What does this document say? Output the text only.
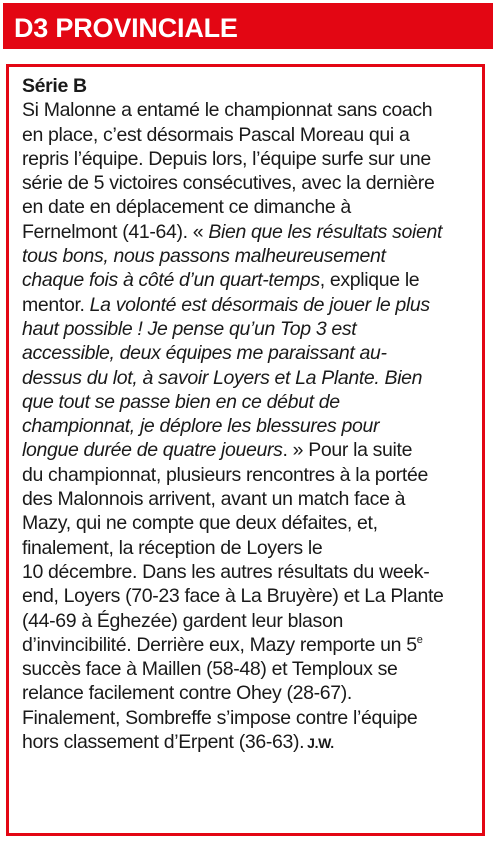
D3 PROVINCIALE
Série B
Si Malonne a entamé le championnat sans coach
en place, c’est désormais Pascal Moreau qui a
repris l’équipe. Depuis lors, l’équipe surfe sur une
série de 5 victoires consécutives, avec la dernière
en date en déplacement ce dimanche à
Fernelmont (41-64). « Bien que les résultats soient
tous bons, nous passons malheureusement
chaque fois à côté d’un quart-temps, explique le
mentor. La volonté est désormais de jouer le plus
haut possible ! Je pense qu’un Top 3 est
accessible, deux équipes me paraissant au-
dessus du lot, à savoir Loyers et La Plante. Bien
que tout se passe bien en ce début de
championnat, je déplore les blessures pour
longue durée de quatre joueurs. » Pour la suite
du championnat, plusieurs rencontres à la portée
des Malonnois arrivent, avant un match face à
Mazy, qui ne compte que deux défaites, et,
finalement, la réception de Loyers le
10 décembre. Dans les autres résultats du week-
end, Loyers (70-23 face à La Bruyère) et La Plante
(44-69 à Éghezée) gardent leur blason
d’invincibilité. Derrière eux, Mazy remporte un 5e
succès face à Maillen (58-48) et Temploux se
relance facilement contre Ohey (28-67).
Finalement, Sombreffe s’impose contre l’équipe
hors classement d’Erpent (36-63). J.W.
